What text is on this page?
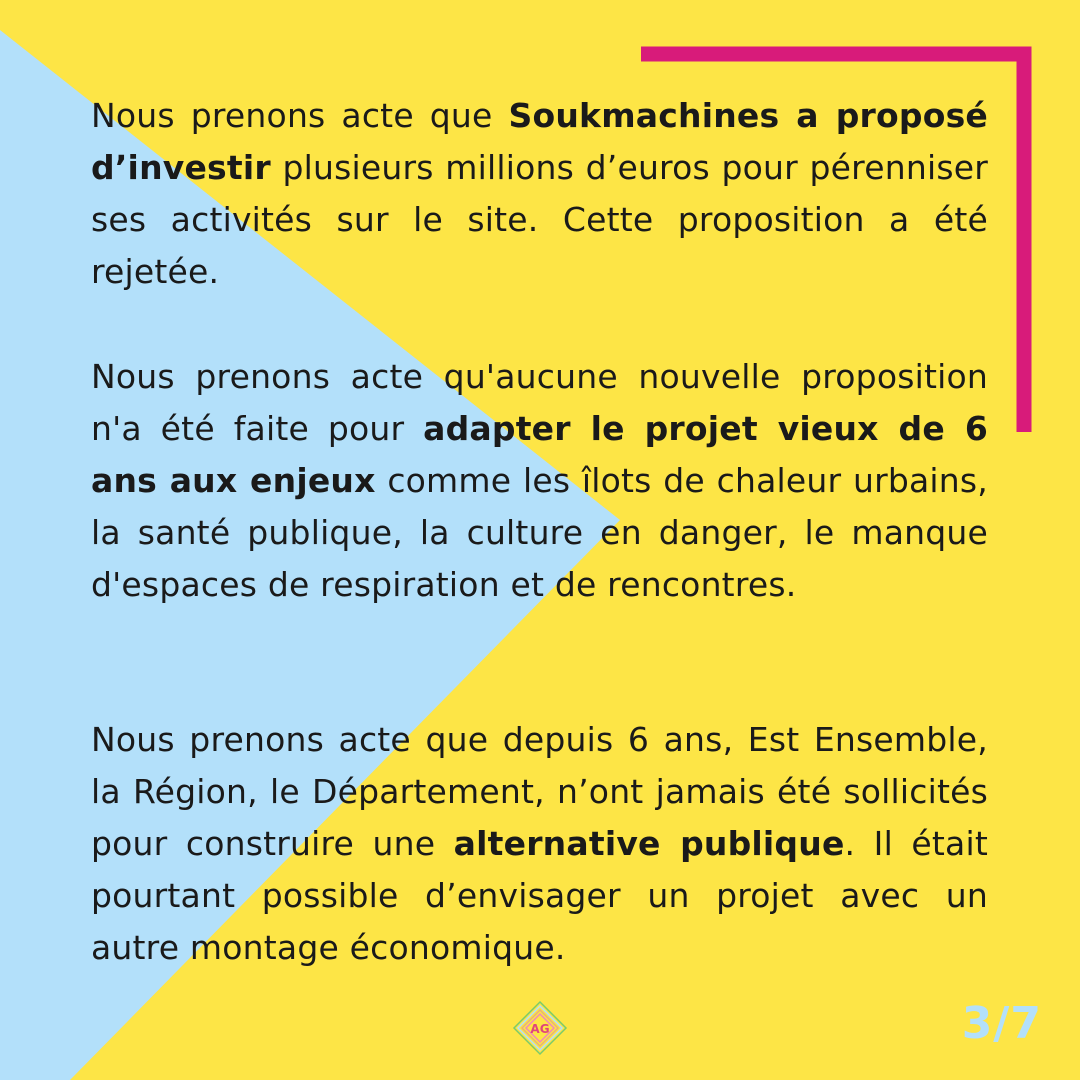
Nous prenons acte que Soukmachines a proposé d’investir plusieurs millions d’euros pour pérenniser ses activités sur le site. Cette proposition a été rejetée.

Nous prenons acte qu'aucune nouvelle proposition n'a été faite pour adapter le projet vieux de 6 ans aux enjeux comme les îlots de chaleur urbains, la santé publique, la culture en danger, le manque d'espaces de respiration et de rencontres.

Nous prenons acte que depuis 6 ans, Est Ensemble, la Région, le Département, n’ont jamais été sollicités pour construire une alternative publique. Il était pourtant possible d’envisager un projet avec un autre montage économique.

AG	3/7
